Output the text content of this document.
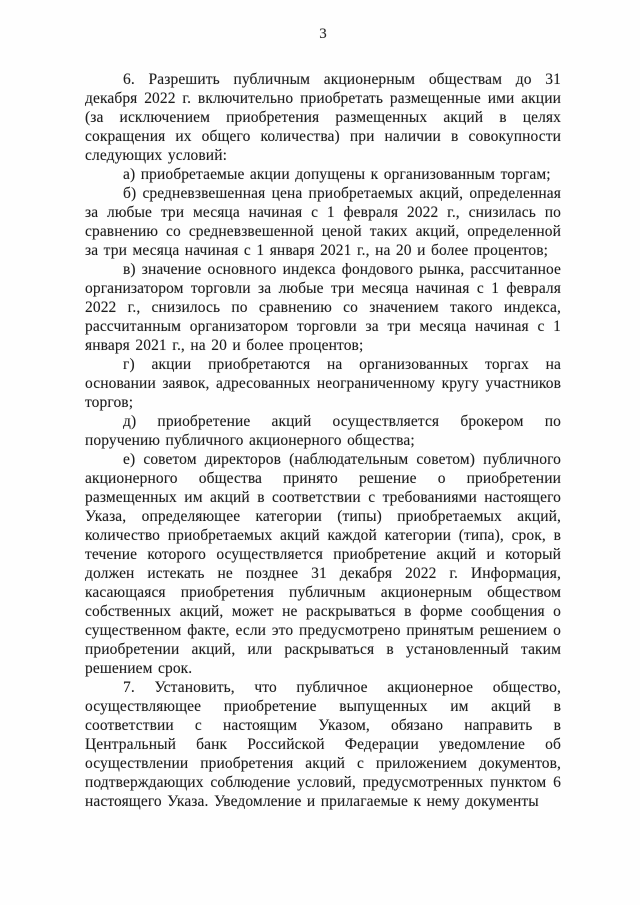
3

6. Разрешить публичным акционерным обществам до 31 декабря 2022 г. включительно приобретать размещенные ими акции (за исключением приобретения размещенных акций в целях сокращения их общего количества) при наличии в совокупности следующих условий:

а) приобретаемые акции допущены к организованным торгам;

б) средневзвешенная цена приобретаемых акций, определенная за любые три месяца начиная с 1 февраля 2022 г., снизилась по сравнению со средневзвешенной ценой таких акций, определенной за три месяца начиная с 1 января 2021 г., на 20 и более процентов;

в) значение основного индекса фондового рынка, рассчитанное организатором торговли за любые три месяца начиная с 1 февраля 2022 г., снизилось по сравнению со значением такого индекса, рассчитанным организатором торговли за три месяца начиная с 1 января 2021 г., на 20 и более процентов;

г) акции приобретаются на организованных торгах на основании заявок, адресованных неограниченному кругу участников торгов;

д) приобретение акций осуществляется брокером по поручению публичного акционерного общества;

е) советом директоров (наблюдательным советом) публичного акционерного общества принято решение о приобретении размещенных им акций в соответствии с требованиями настоящего Указа, определяющее категории (типы) приобретаемых акций, количество приобретаемых акций каждой категории (типа), срок, в течение которого осуществляется приобретение акций и который должен истекать не позднее 31 декабря 2022 г. Информация, касающаяся приобретения публичным акционерным обществом собственных акций, может не раскрываться в форме сообщения о существенном факте, если это предусмотрено принятым решением о приобретении акций, или раскрываться в установленный таким решением срок.

7. Установить, что публичное акционерное общество, осуществляющее приобретение выпущенных им акций в соответствии с настоящим Указом, обязано направить в Центральный банк Российской Федерации уведомление об осуществлении приобретения акций с приложением документов, подтверждающих соблюдение условий, предусмотренных пунктом 6 настоящего Указа. Уведомление и прилагаемые к нему документы
